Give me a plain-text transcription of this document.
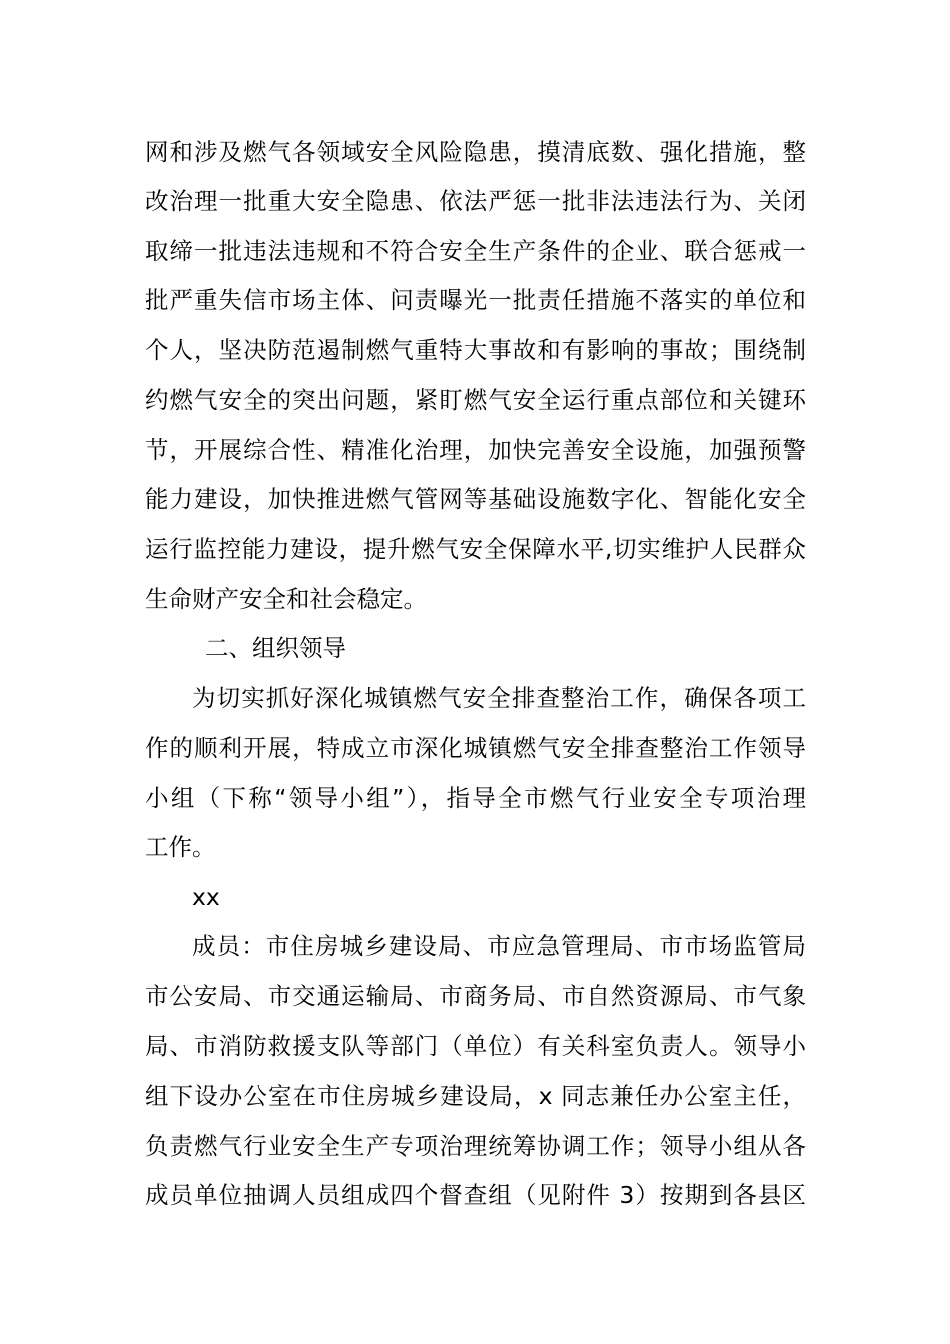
网和涉及燃气各领域安全风险隐患，摸清底数、强化措施，整
改治理一批重大安全隐患、依法严惩一批非法违法行为、关闭
取缔一批违法违规和不符合安全生产条件的企业、联合惩戒一
批严重失信市场主体、问责曝光一批责任措施不落实的单位和
个人，坚决防范遏制燃气重特大事故和有影响的事故；围绕制
约燃气安全的突出问题，紧盯燃气安全运行重点部位和关键环
节，开展综合性、精准化治理，加快完善安全设施，加强预警
能力建设，加快推进燃气管网等基础设施数字化、智能化安全
运行监控能力建设，提升燃气安全保障水平,切实维护人民群众
生命财产安全和社会稳定。
二、组织领导
为切实抓好深化城镇燃气安全排查整治工作，确保各项工
作的顺利开展，特成立市深化城镇燃气安全排查整治工作领导
小组（下称“领导小组”），指导全市燃气行业安全专项治理
工作。
xx
成员：市住房城乡建设局、市应急管理局、市市场监管局
市公安局、市交通运输局、市商务局、市自然资源局、市气象
局、市消防救援支队等部门（单位）有关科室负责人。领导小
组下设办公室在市住房城乡建设局，x 同志兼任办公室主任，
负责燃气行业安全生产专项治理统筹协调工作；领导小组从各
成员单位抽调人员组成四个督查组（见附件 3）按期到各县区
